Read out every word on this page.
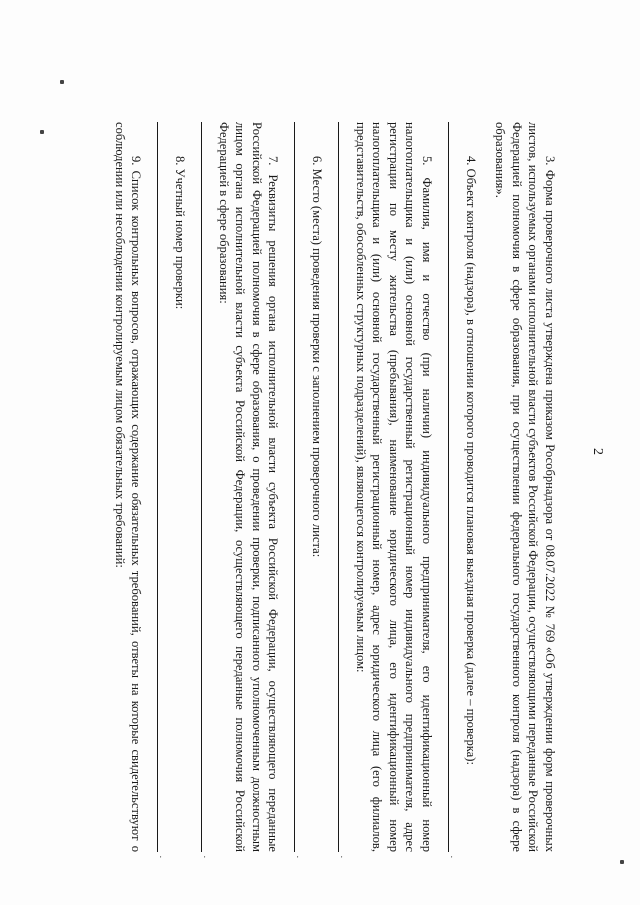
2

3. Форма проверочного листа утверждена приказом Рособрнадзора от 08.07.2022 № 769 «Об утверждении форм проверочных листов, используемых органами исполнительной власти субъектов Российской Федерации, осуществляющими переданные Российской Федерацией полномочия в сфере образования, при осуществлении федерального государственного контроля (надзора) в сфере образования».

4. Объект контроля (надзора), в отношении которого проводится плановая выездная проверка (далее – проверка):

.

5. Фамилия, имя и отчество (при наличии) индивидуального предпринимателя, его идентификационный номер налогоплательщика и (или) основной государственный регистрационный номер индивидуального предпринимателя, адрес регистрации по месту жительства (пребывания), наименование юридического лица, его идентификационный номер налогоплательщика и (или) основной государственный регистрационный номер, адрес юридического лица (его филиалов, представительств, обособленных структурных подразделений), являющегося контролируемым лицом:

.

6. Место (места) проведения проверки с заполнением проверочного листа:

.

7. Реквизиты решения органа исполнительной власти субъекта Российской Федерации, осуществляющего переданные Российской Федерацией полномочия в сфере образования, о проведении проверки, подписанного уполномоченным должностным лицом органа исполнительной власти субъекта Российской Федерации, осуществляющего переданные полномочия Российской Федерацией в сфере образования:

.

8. Учетный номер проверки:

.

9. Список контрольных вопросов, отражающих содержание обязательных требований, ответы на которые свидетельствуют о соблюдении или несоблюдении контролируемым лицом обязательных требований:
